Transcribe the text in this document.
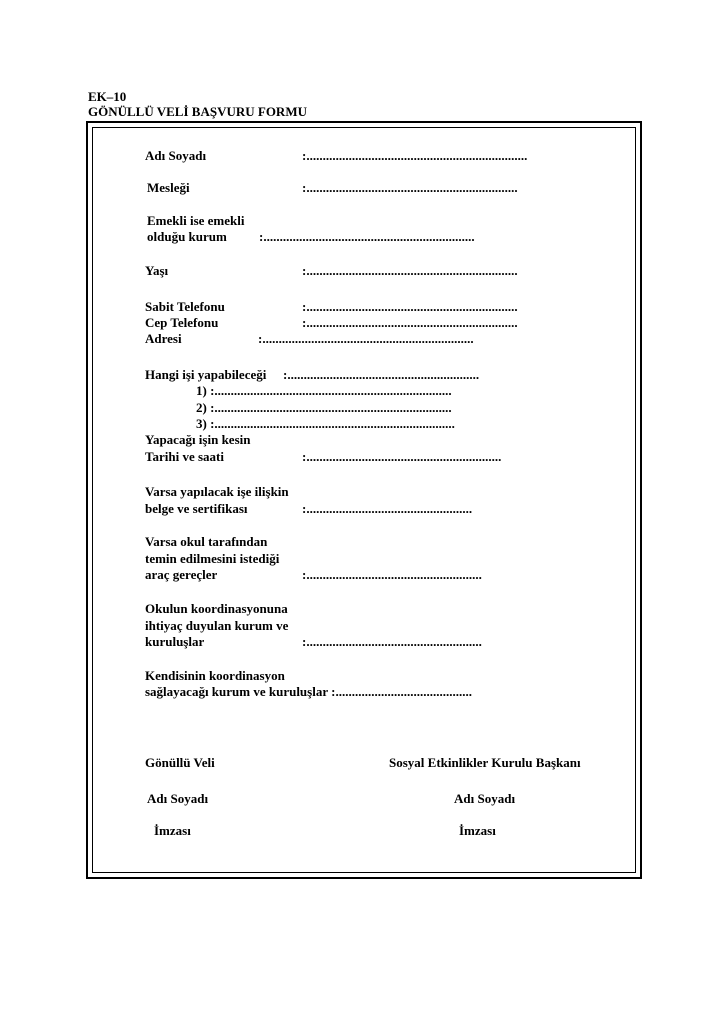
EK–10
GÖNÜLLÜ VELİ BAŞVURU FORMU
Adı Soyadı	:....................................................................
Mesleği	:.................................................................
Emekli ise emekli
olduğu kurum :.................................................................
Yaşı	:.................................................................
Sabit Telefonu	:.................................................................
Cep Telefonu	:.................................................................
Adresi	:.................................................................
Hangi işi yapabileceği :...........................................................
1) :.........................................................................
2) :.........................................................................
3) :..........................................................................
Yapacağı işin kesin
Tarihi ve saati	:............................................................
Varsa yapılacak işe ilişkin
belge ve sertifikası	:...................................................
Varsa okul tarafından
temin edilmesini istediği
araç gereçler	:......................................................
Okulun koordinasyonuna
ihtiyaç duyulan kurum ve
kuruluşlar	:......................................................
Kendisinin koordinasyon
sağlayacağı kurum ve kuruluşlar :..........................................
Gönüllü Veli	Sosyal Etkinlikler Kurulu Başkanı
Adı Soyadı	Adı Soyadı
İmzası	İmzası
